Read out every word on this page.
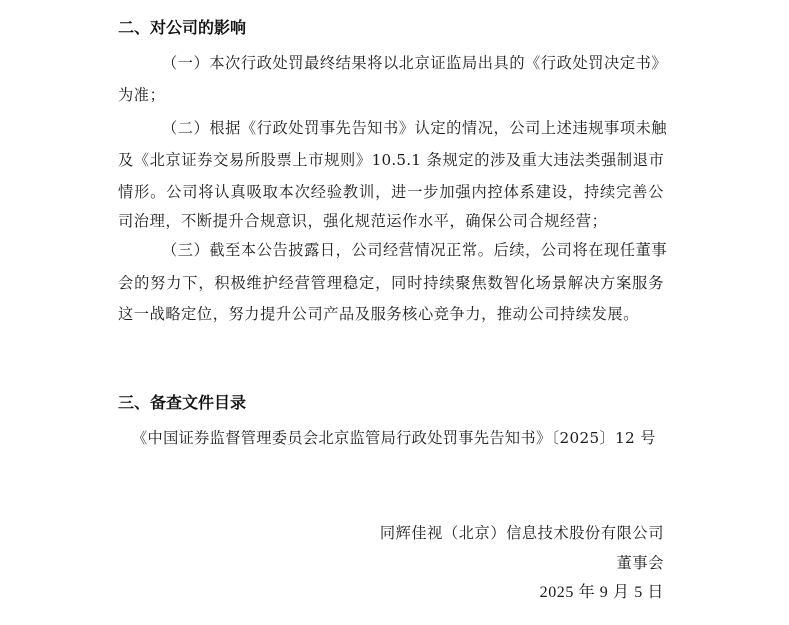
二、对公司的影响
（一）本次行政处罚最终结果将以北京证监局出具的《行政处罚决定书》
为准；
（二）根据《行政处罚事先告知书》认定的情况，公司上述违规事项未触
及《北京证券交易所股票上市规则》10.5.1 条规定的涉及重大违法类强制退市
情形。公司将认真吸取本次经验教训，进一步加强内控体系建设，持续完善公
司治理，不断提升合规意识，强化规范运作水平，确保公司合规经营；
（三）截至本公告披露日，公司经营情况正常。后续，公司将在现任董事
会的努力下，积极维护经营管理稳定，同时持续聚焦数智化场景解决方案服务
这一战略定位，努力提升公司产品及服务核心竞争力，推动公司持续发展。
三、备查文件目录
《中国证券监督管理委员会北京监管局行政处罚事先告知书》〔2025〕12 号
同辉佳视（北京）信息技术股份有限公司
董事会
2025 年 9 月 5 日
